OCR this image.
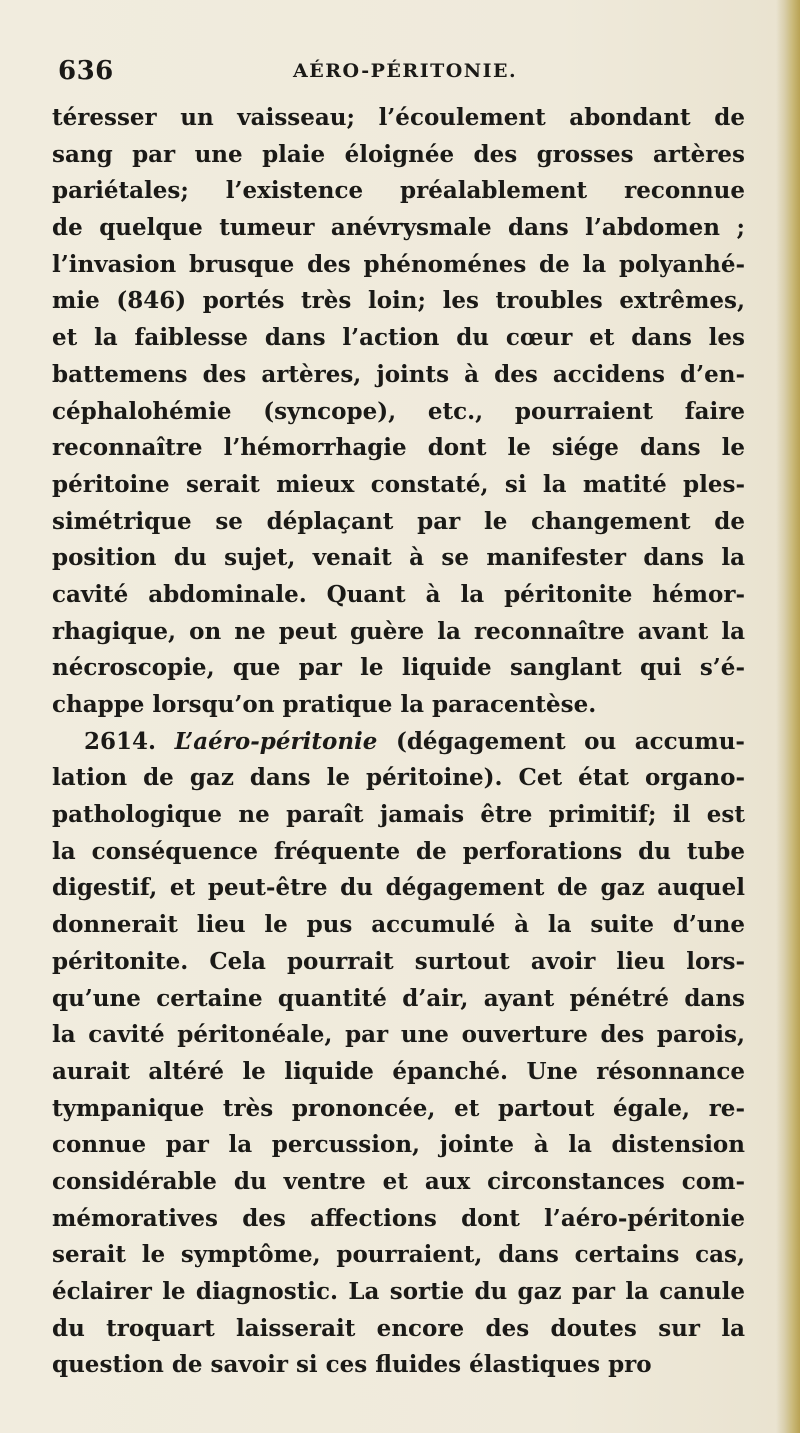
636	AÉRO-PÉRITONIE.
téresser un vaisseau; l’écoulement abondant de
sang par une plaie éloignée des grosses artères
pariétales; l’existence préalablement reconnue
de quelque tumeur anévrysmale dans l’abdomen ;
l’invasion brusque des phénoménes de la polyanhé-
mie (846) portés très loin; les troubles extrêmes,
et la faiblesse dans l’action du cœur et dans les
battemens des artères, joints à des accidens d’en-
céphalohémie (syncope), etc., pourraient faire
reconnaître l’hémorrhagie dont le siége dans le
péritoine serait mieux constaté, si la matité ples-
simétrique se déplaçant par le changement de
position du sujet, venait à se manifester dans la
cavité abdominale. Quant à la péritonite hémor-
rhagique, on ne peut guère la reconnaître avant la
nécroscopie, que par le liquide sanglant qui s’é-
chappe lorsqu’on pratique la paracentèse.
2614. L’aéro-péritonie (dégagement ou accumu-
lation de gaz dans le péritoine). Cet état organo-
pathologique ne paraît jamais être primitif; il est
la conséquence fréquente de perforations du tube
digestif, et peut-être du dégagement de gaz auquel
donnerait lieu le pus accumulé à la suite d’une
péritonite. Cela pourrait surtout avoir lieu lors-
qu’une certaine quantité d’air, ayant pénétré dans
la cavité péritonéale, par une ouverture des parois,
aurait altéré le liquide épanché. Une résonnance
tympanique très prononcée, et partout égale, re-
connue par la percussion, jointe à la distension
considérable du ventre et aux circonstances com-
mémoratives des affections dont l’aéro-péritonie
serait le symptôme, pourraient, dans certains cas,
éclairer le diagnostic. La sortie du gaz par la canule
du troquart laisserait encore des doutes sur la
question de savoir si ces fluides élastiques pro
